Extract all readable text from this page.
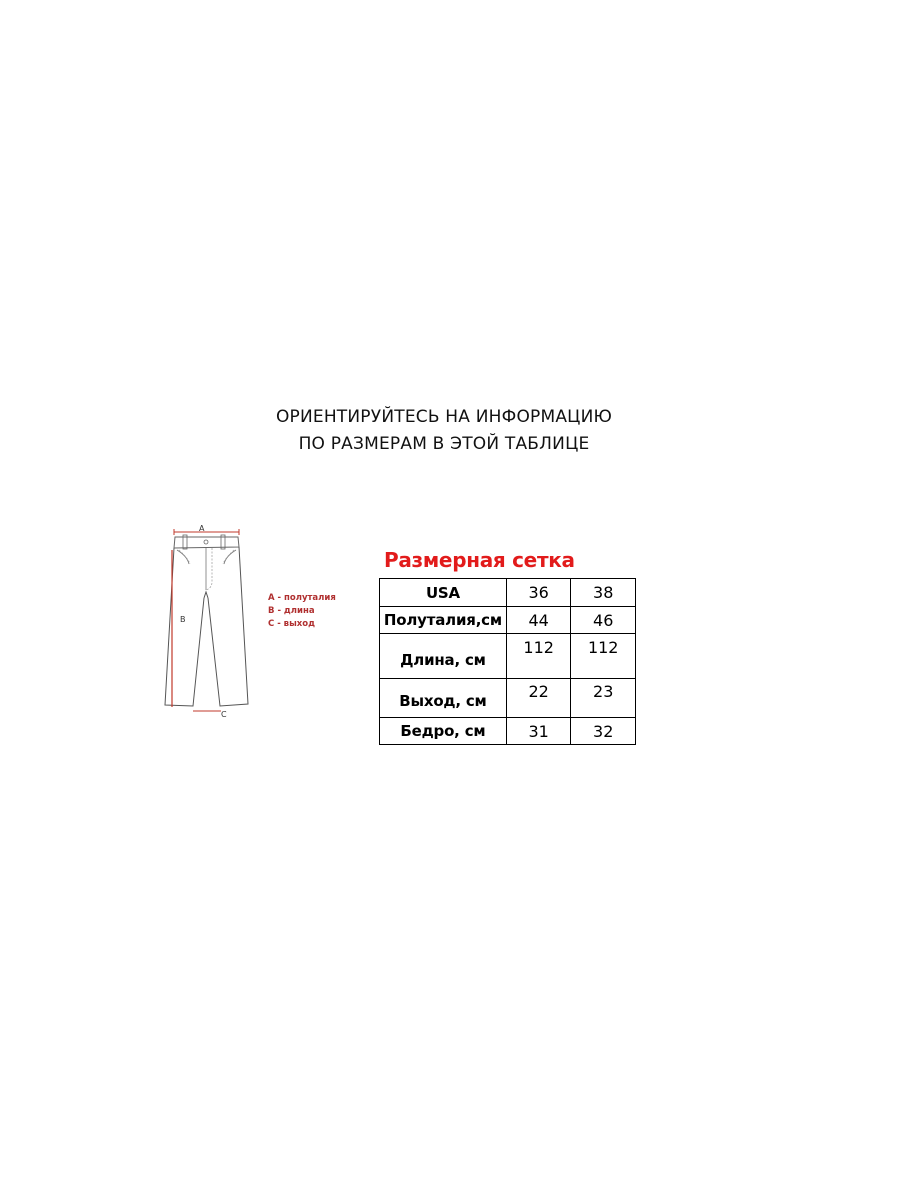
ОРИЕНТИРУЙТЕСЬ НА ИНФОРМАЦИЮ
ПО РАЗМЕРАМ В ЭТОЙ ТАБЛИЦЕ
A
B
C
A - полуталия
B - длина
C - выход
Размерная сетка
USA	36	38
Полуталия,см	44	46
Длина, см	112	112
Выход, см	22	23
Бедро, см	31	32
